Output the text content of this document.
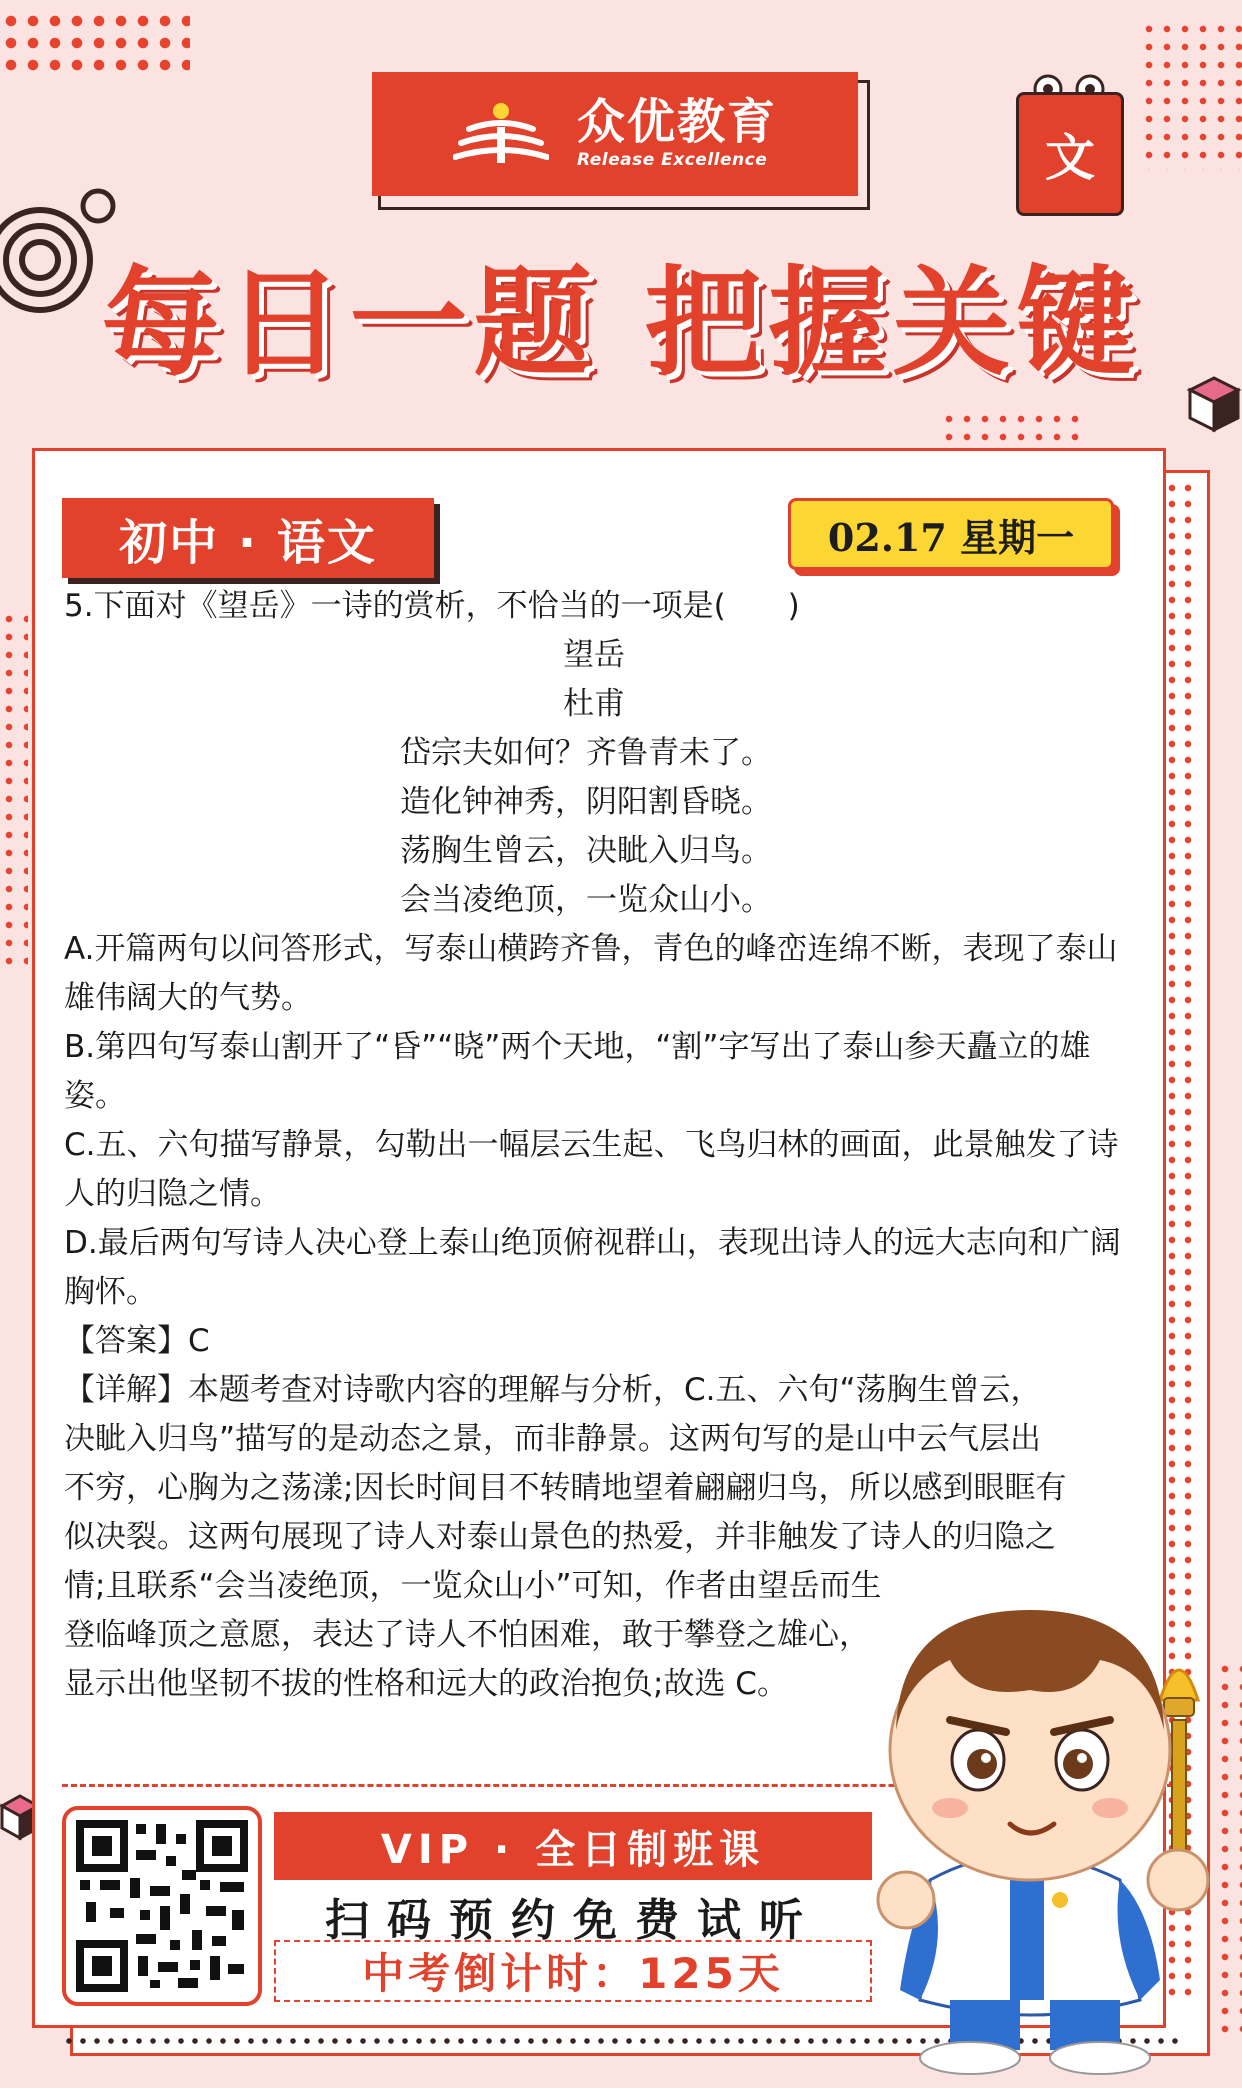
众优教育
Release Excellence	文
每日一题 把握关键
初中 · 语文	02.17 星期一

5.下面对《望岳》一诗的赏析，不恰当的一项是(　　)

望岳

杜甫

岱宗夫如何？齐鲁青未了。

造化钟神秀，阴阳割昏晓。

荡胸生曾云，决眦入归鸟。

会当凌绝顶，一览众山小。

A.开篇两句以问答形式，写泰山横跨齐鲁，青色的峰峦连绵不断，表现了泰山雄伟阔大的气势。

B.第四句写泰山割开了“昏”“晓”两个天地，“割”字写出了泰山参天矗立的雄姿。

C.五、六句描写静景，勾勒出一幅层云生起、飞鸟归林的画面，此景触发了诗人的归隐之情。

D.最后两句写诗人决心登上泰山绝顶俯视群山，表现出诗人的远大志向和广阔胸怀。

【答案】C

【详解】本题考查对诗歌内容的理解与分析，C.五、六句“荡胸生曾云，

决眦入归鸟”描写的是动态之景，而非静景。这两句写的是山中云气层出

不穷，心胸为之荡漾;因长时间目不转睛地望着翩翩归鸟，所以感到眼眶有

似决裂。这两句展现了诗人对泰山景色的热爱，并非触发了诗人的归隐之

情;且联系“会当凌绝顶，一览众山小”可知，作者由望岳而生

登临峰顶之意愿，表达了诗人不怕困难，敢于攀登之雄心，

显示出他坚韧不拔的性格和远大的政治抱负;故选 C。

VIP · 全日制班课
扫码预约免费试听
中考倒计时：125天
